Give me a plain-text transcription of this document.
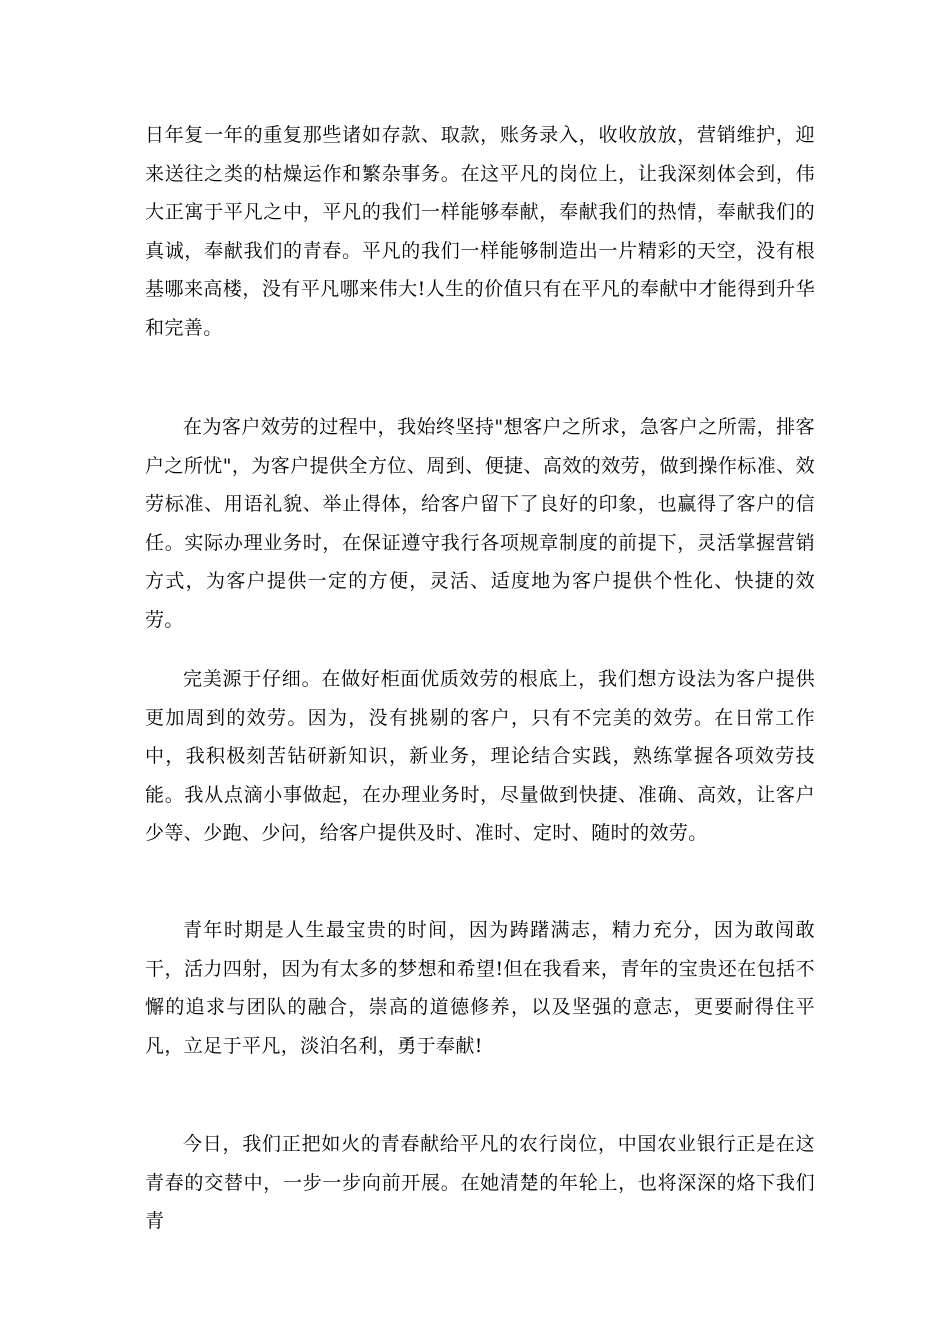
日年复一年的重复那些诸如存款、取款，账务录入，收收放放，营销维护，迎来送往之类的枯燥运作和繁杂事务。在这平凡的岗位上，让我深刻体会到，伟大正寓于平凡之中，平凡的我们一样能够奉献，奉献我们的热情，奉献我们的真诚，奉献我们的青春。平凡的我们一样能够制造出一片精彩的天空，没有根基哪来高楼，没有平凡哪来伟大!人生的价值只有在平凡的奉献中才能得到升华和完善。

在为客户效劳的过程中，我始终坚持"想客户之所求，急客户之所需，排客户之所忧"，为客户提供全方位、周到、便捷、高效的效劳，做到操作标准、效劳标准、用语礼貌、举止得体，给客户留下了良好的印象，也赢得了客户的信任。实际办理业务时，在保证遵守我行各项规章制度的前提下，灵活掌握营销方式，为客户提供一定的方便，灵活、适度地为客户提供个性化、快捷的效劳。

完美源于仔细。在做好柜面优质效劳的根底上，我们想方设法为客户提供更加周到的效劳。因为，没有挑剔的客户，只有不完美的效劳。在日常工作中，我积极刻苦钻研新知识，新业务，理论结合实践，熟练掌握各项效劳技能。我从点滴小事做起，在办理业务时，尽量做到快捷、准确、高效，让客户少等、少跑、少问，给客户提供及时、准时、定时、随时的效劳。

青年时期是人生最宝贵的时间，因为踌躇满志，精力充分，因为敢闯敢干，活力四射，因为有太多的梦想和希望!但在我看来，青年的宝贵还在包括不懈的追求与团队的融合，崇高的道德修养，以及坚强的意志，更要耐得住平凡，立足于平凡，淡泊名利，勇于奉献!

今日，我们正把如火的青春献给平凡的农行岗位，中国农业银行正是在这青春的交替中，一步一步向前开展。在她清楚的年轮上，也将深深的烙下我们青
